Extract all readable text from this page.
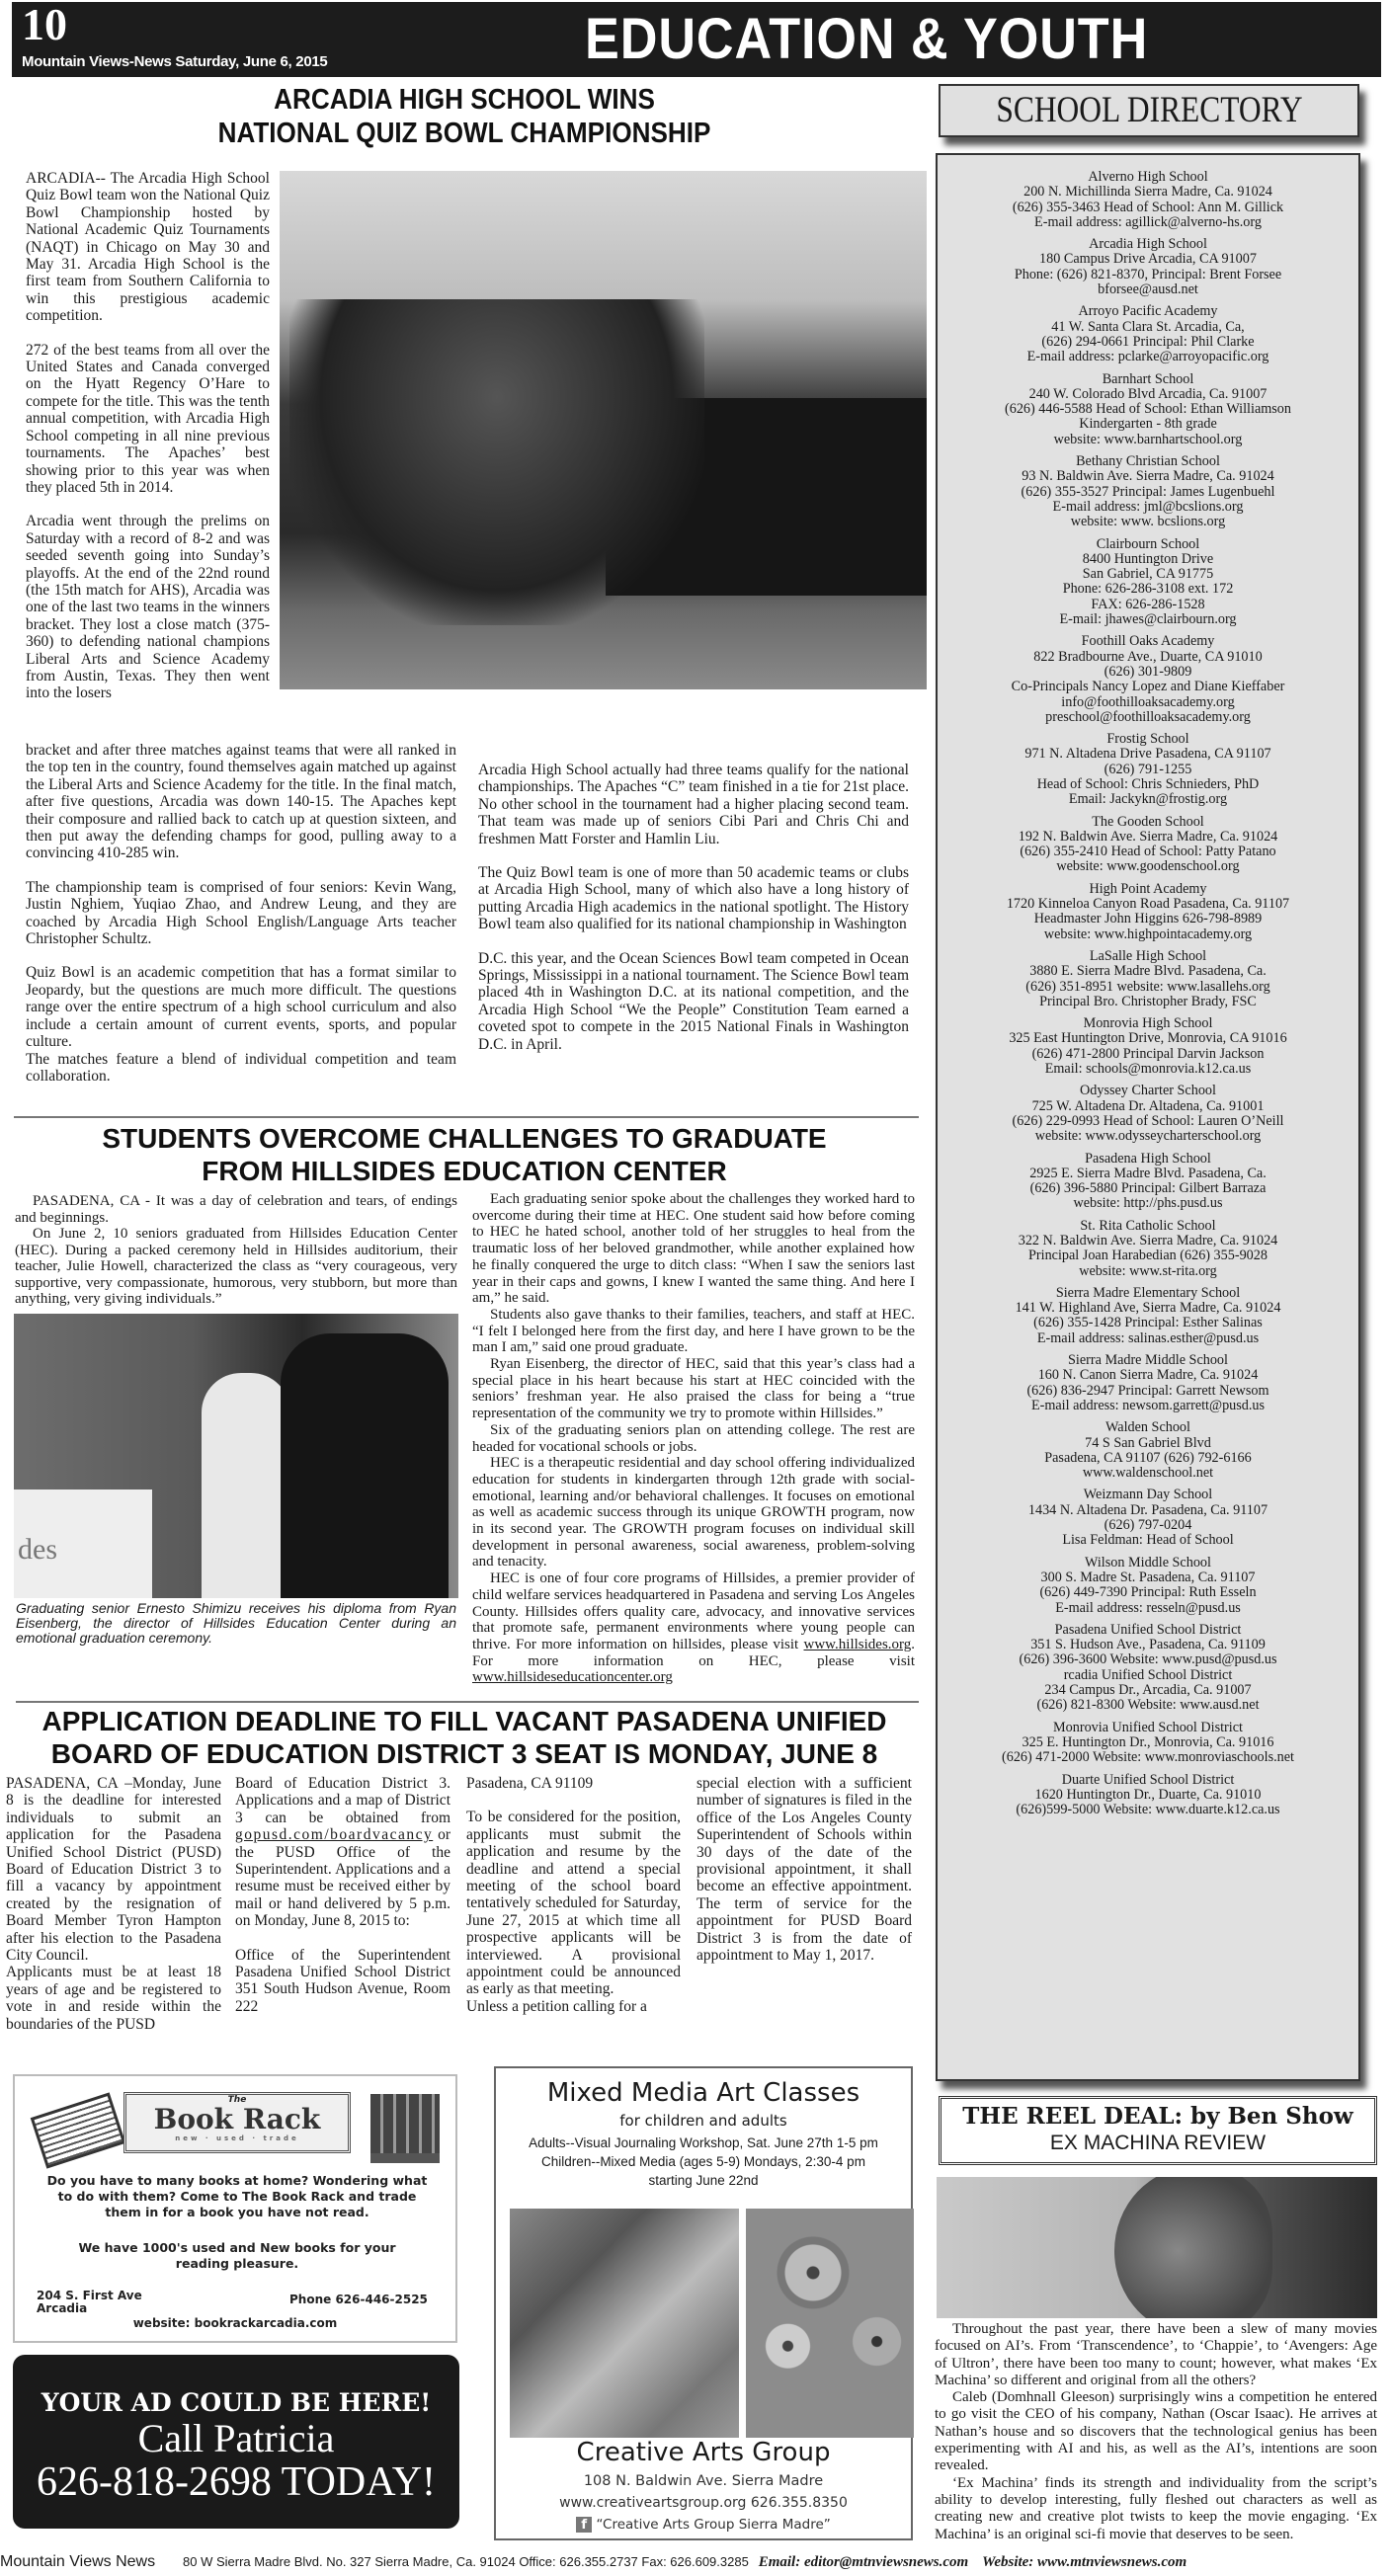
10
Mountain Views-News Saturday, June 6, 2015	EDUCATION & YOUTH
ARCADIA HIGH SCHOOL WINS
NATIONAL QUIZ BOWL CHAMPIONSHIP

ARCADIA-- The Arcadia High School Quiz Bowl team won the National Quiz Bowl Championship hosted by National Academic Quiz Tournaments (NAQT) in Chicago on May 30 and May 31. Arcadia High School is the first team from Southern California to win this prestigious academic competition.

272 of the best teams from all over the United States and Canada converged on the Hyatt Regency O’Hare to compete for the title. This was the tenth annual competition, with Arcadia High School competing in all nine previous tournaments. The Apaches’ best showing prior to this year was when they placed 5th in 2014.

Arcadia went through the prelims on Saturday with a record of 8-2 and was seeded seventh going into Sunday’s playoffs. At the end of the 22nd round (the 15th match for AHS), Arcadia was one of the last two teams in the winners bracket. They lost a close match (375-360) to defending national champions Liberal Arts and Science Academy from Austin, Texas. They then went into the losers

bracket and after three matches against teams that were all ranked in the top ten in the country, found themselves again matched up against the Liberal Arts and Science Academy for the title. In the final match, after five questions, Arcadia was down 140-15. The Apaches kept their composure and rallied back to catch up at question sixteen, and then put away the defending champs for good, pulling away to a convincing 410-285 win.

The championship team is comprised of four seniors: Kevin Wang, Justin Nghiem, Yuqiao Zhao, and Andrew Leung, and they are coached by Arcadia High School English/Language Arts teacher Christopher Schultz.

Quiz Bowl is an academic competition that has a format similar to Jeopardy, but the questions are much more difficult. The questions range over the entire spectrum of a high school curriculum and also include a certain amount of current events, sports, and popular culture.
The matches feature a blend of individual competition and team collaboration.

Arcadia High School actually had three teams qualify for the national championships. The Apaches “C” team finished in a tie for 21st place. No other school in the tournament had a higher placing second team. That team was made up of seniors Cibi Pari and Chris Chi and freshmen Matt Forster and Hamlin Liu.

The Quiz Bowl team is one of more than 50 academic teams or clubs at Arcadia High School, many of which also have a long history of putting Arcadia High academics in the national spotlight. The History Bowl team also qualified for its national championship in Washington

D.C. this year, and the Ocean Sciences Bowl team competed in Ocean Springs, Mississippi in a national tournament. The Science Bowl team placed 4th in Washington D.C. at its national competition, and the Arcadia High School “We the People” Constitution Team earned a coveted spot to compete in the 2015 National Finals in Washington D.C. in April.

STUDENTS OVERCOME CHALLENGES TO GRADUATE
FROM HILLSIDES EDUCATION CENTER

PASADENA, CA - It was a day of celebration and tears, of endings and beginnings.

On June 2, 10 seniors graduated from Hillsides Education Center (HEC). During a packed ceremony held in Hillsides auditorium, their teacher, Julie Howell, characterized the class as “very courageous, very supportive, very compassionate, humorous, very stubborn, but more than anything, very giving individuals.”

des
Graduating senior Ernesto Shimizu receives his diploma from Ryan Eisenberg, the director of Hillsides Education Center during an emotional graduation ceremony.

Each graduating senior spoke about the challenges they worked hard to overcome during their time at HEC. One student said how before coming to HEC he hated school, another told of her struggles to heal from the traumatic loss of her beloved grandmother, while another explained how he finally conquered the urge to ditch class: “When I saw the seniors last year in their caps and gowns, I knew I wanted the same thing. And here I am,” he said.

Students also gave thanks to their families, teachers, and staff at HEC. “I felt I belonged here from the first day, and here I have grown to be the man I am,” said one proud graduate.

Ryan Eisenberg, the director of HEC, said that this year’s class had a special place in his heart because his start at HEC coincided with the seniors’ freshman year. He also praised the class for being a “true representation of the community we try to promote within Hillsides.”

Six of the graduating seniors plan on attending college. The rest are headed for vocational schools or jobs.

HEC is a therapeutic residential and day school offering individualized education for students in kindergarten through 12th grade with social-emotional, learning and/or behavioral challenges. It focuses on emotional as well as academic success through its unique GROWTH program, now in its second year. The GROWTH program focuses on individual skill development in personal awareness, social awareness, problem-solving and tenacity.

HEC is one of four core programs of Hillsides, a premier provider of child welfare services headquartered in Pasadena and serving Los Angeles County. Hillsides offers quality care, advocacy, and innovative services that promote safe, permanent environments where young people can thrive. For more information on hillsides, please visit www.hillsides.org. For more information on HEC, please visit www.hillsideseducationcenter.org

APPLICATION DEADLINE TO FILL VACANT PASADENA UNIFIED
BOARD OF EDUCATION DISTRICT 3 SEAT IS MONDAY, JUNE 8

PASADENA, CA –Monday, June 8 is the deadline for interested individuals to submit an application for the Pasadena Unified School District (PUSD) Board of Education District 3 to fill a vacancy by appointment created by the resignation of Board Member Tyron Hampton after his election to the Pasadena City Council.

Applicants must be at least 18 years of age and be registered to vote in and reside within the boundaries of the PUSD

Board of Education District 3. Applications and a map of District 3 can be obtained from gopusd.com/boardvacancy or the PUSD Office of the Superintendent. Applications and a resume must be received either by mail or hand delivered by 5 p.m. on Monday, June 8, 2015 to:

Office of the Superintendent Pasadena Unified School District 351 South Hudson Avenue, Room 222

Pasadena, CA 91109

To be considered for the position, applicants must submit the application and resume by the deadline and attend a special meeting of the school board tentatively scheduled for Saturday, June 27, 2015 at which time all prospective applicants will be interviewed. A provisional appointment could be announced as early as that meeting.

Unless a petition calling for a

special election with a sufficient number of signatures is filed in the office of the Los Angeles County Superintendent of Schools within 30 days of the date of the provisional appointment, it shall become an effective appointment. The term of service for the appointment for PUSD Board District 3 is from the date of appointment to May 1, 2017.
SCHOOL DIRECTORY
Alverno High School
200 N. Michillinda Sierra Madre, Ca. 91024
(626) 355-3463 Head of School: Ann M. Gillick
E-mail address: agillick@alverno-hs.org
Arcadia High School
180 Campus Drive Arcadia, CA 91007
Phone: (626) 821-8370, Principal: Brent Forsee
bforsee@ausd.net
Arroyo Pacific Academy
41 W. Santa Clara St. Arcadia, Ca,
(626) 294-0661 Principal: Phil Clarke
E-mail address: pclarke@arroyopacific.org
Barnhart School
240 W. Colorado Blvd Arcadia, Ca. 91007
(626) 446-5588 Head of School: Ethan Williamson
Kindergarten - 8th grade
website: www.barnhartschool.org
Bethany Christian School
93 N. Baldwin Ave. Sierra Madre, Ca. 91024
(626) 355-3527 Principal: James Lugenbuehl
E-mail address: jml@bcslions.org
website: www. bcslions.org
Clairbourn School
8400 Huntington Drive
San Gabriel, CA 91775
Phone: 626-286-3108 ext. 172
FAX: 626-286-1528
E-mail: jhawes@clairbourn.org
Foothill Oaks Academy
822 Bradbourne Ave., Duarte, CA 91010
(626) 301-9809
Co-Principals Nancy Lopez and Diane Kieffaber
info@foothilloaksacademy.org
preschool@foothilloaksacademy.org
Frostig School
971 N. Altadena Drive Pasadena, CA 91107
(626) 791-1255
Head of School: Chris Schnieders, PhD
Email: Jackykn@frostig.org
The Gooden School
192 N. Baldwin Ave. Sierra Madre, Ca. 91024
(626) 355-2410 Head of School: Patty Patano
website: www.goodenschool.org
High Point Academy
1720 Kinneloa Canyon Road Pasadena, Ca. 91107
Headmaster John Higgins 626-798-8989
website: www.highpointacademy.org
LaSalle High School
3880 E. Sierra Madre Blvd. Pasadena, Ca.
(626) 351-8951 website: www.lasallehs.org
Principal Bro. Christopher Brady, FSC
Monrovia High School
325 East Huntington Drive, Monrovia, CA 91016
(626) 471-2800 Principal Darvin Jackson
Email: schools@monrovia.k12.ca.us
Odyssey Charter School
725 W. Altadena Dr. Altadena, Ca. 91001
(626) 229-0993 Head of School: Lauren O’Neill
website: www.odysseycharterschool.org
Pasadena High School
2925 E. Sierra Madre Blvd. Pasadena, Ca.
(626) 396-5880 Principal: Gilbert Barraza
website: http://phs.pusd.us
St. Rita Catholic School
322 N. Baldwin Ave. Sierra Madre, Ca. 91024
Principal Joan Harabedian (626) 355-9028
website: www.st-rita.org
Sierra Madre Elementary School
141 W. Highland Ave, Sierra Madre, Ca. 91024
(626) 355-1428 Principal: Esther Salinas
E-mail address: salinas.esther@pusd.us
Sierra Madre Middle School
160 N. Canon Sierra Madre, Ca. 91024
(626) 836-2947 Principal: Garrett Newsom
E-mail address: newsom.garrett@pusd.us
Walden School
74 S San Gabriel Blvd
Pasadena, CA 91107 (626) 792-6166
www.waldenschool.net
Weizmann Day School
1434 N. Altadena Dr. Pasadena, Ca. 91107
(626) 797-0204
Lisa Feldman: Head of School
Wilson Middle School
300 S. Madre St. Pasadena, Ca. 91107
(626) 449-7390 Principal: Ruth Esseln
E-mail address: resseln@pusd.us
Pasadena Unified School District
351 S. Hudson Ave., Pasadena, Ca. 91109
(626) 396-3600 Website: www.pusd@pusd.us
rcadia Unified School District
234 Campus Dr., Arcadia, Ca. 91007
(626) 821-8300 Website: www.ausd.net
Monrovia Unified School District
325 E. Huntington Dr., Monrovia, Ca. 91016
(626) 471-2000 Website: www.monroviaschools.net
Duarte Unified School District
1620 Huntington Dr., Duarte, Ca. 91010
(626)599-5000 Website: www.duarte.k12.ca.us
The
Book Rack
new · used · trade
Do you have to many books at home? Wondering what to do with them? Come to The Book Rack and trade them in for a book you have not read.
We have 1000's used and New books for your reading pleasure.
204 S. First Ave
Arcadia
Phone 626-446-2525
website: bookrackarcadia.com
YOUR AD COULD BE HERE!
Call Patricia
626-818-2698 TODAY!
Mixed Media Art Classes
for children and adults
Adults--Visual Journaling Workshop, Sat. June 27th 1-5 pm
Children--Mixed Media (ages 5-9) Mondays, 2:30-4 pm
starting June 22nd
Creative Arts Group
108 N. Baldwin Ave. Sierra Madre
www.creativeartsgroup.org 626.355.8350
f “Creative Arts Group Sierra Madre”
THE REEL DEAL: by Ben Show
EX MACHINA REVIEW

Throughout the past year, there have been a slew of many movies focused on AI’s. From ‘Transcendence’, to ‘Chappie’, to ‘Avengers: Age of Ultron’, there have been too many to count; however, what makes ‘Ex Machina’ so different and original from all the others?

Caleb (Domhnall Gleeson) surprisingly wins a competition he entered to go visit the CEO of his company, Nathan (Oscar Isaac). He arrives at Nathan’s house and so discovers that the technological genius has been experimenting with AI and his, as well as the AI’s, intentions are soon revealed.

‘Ex Machina’ finds its strength and individuality from the script’s ability to develop interesting, fully fleshed out characters as well as creating new and creative plot twists to keep the movie engaging. ‘Ex Machina’ is an original sci-fi movie that deserves to be seen.

Mountain Views News 80 W Sierra Madre Blvd. No. 327 Sierra Madre, Ca. 91024 Office: 626.355.2737 Fax: 626.609.3285 Email: editor@mtnviewsnews.com Website: www.mtnviewsnews.com
